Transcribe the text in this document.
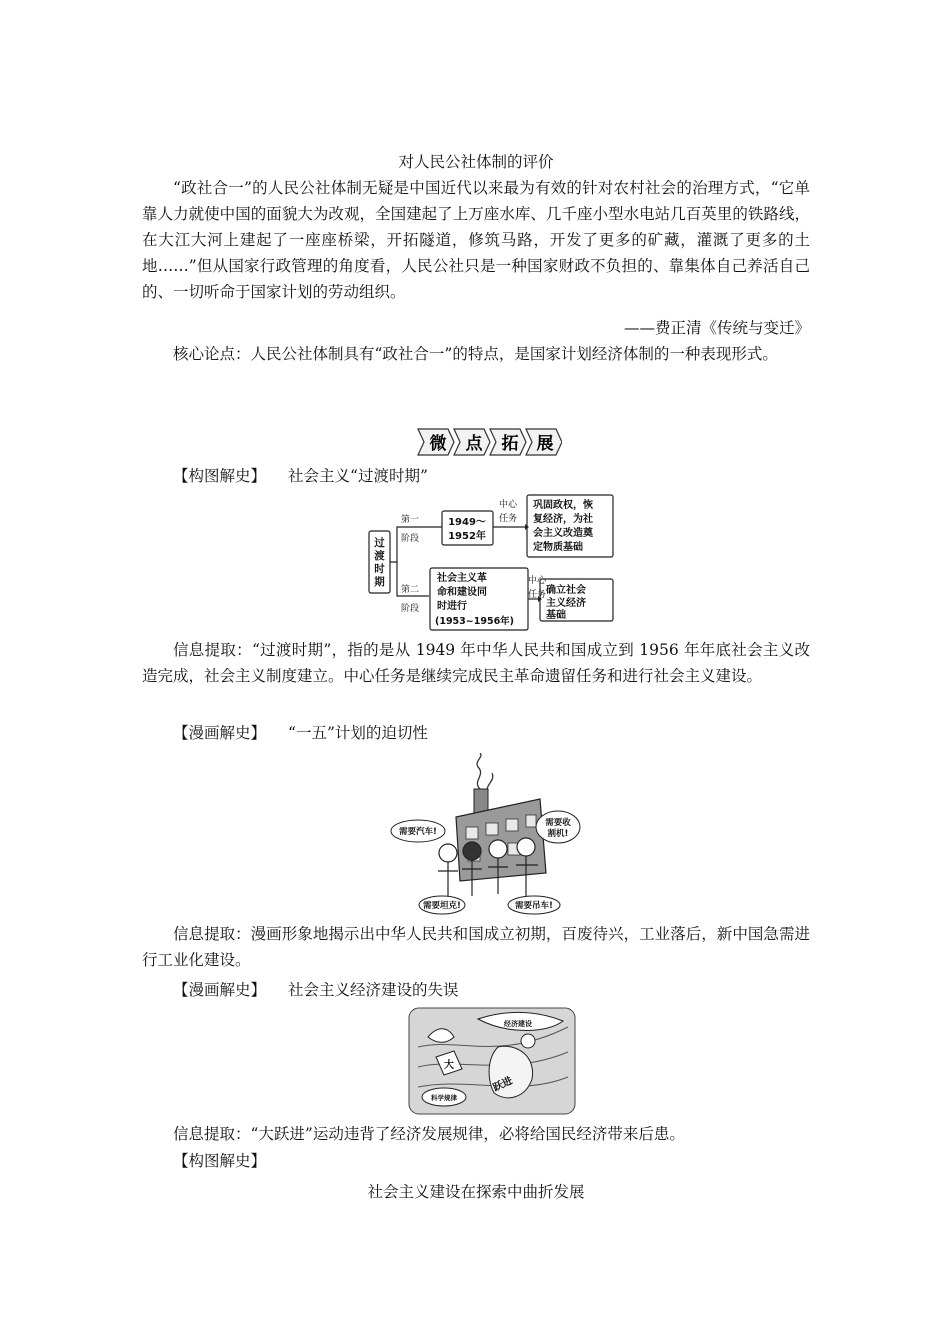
对人民公社体制的评价
“政社合一”的人民公社体制无疑是中国近代以来最为有效的针对农村社会的治理方式，“它单靠人力就使中国的面貌大为改观，全国建起了上万座水库、几千座小型水电站几百英里的铁路线，在大江大河上建起了一座座桥梁，开拓隧道，修筑马路，开发了更多的矿藏，灌溉了更多的土地……”但从国家行政管理的角度看，人民公社只是一种国家财政不负担的、靠集体自己养活自己的、一切听命于国家计划的劳动组织。
——费正清《传统与变迁》
核心论点：人民公社体制具有“政社合一”的特点，是国家计划经济体制的一种表现形式。
微 点 拓 展
【构图解史】 社会主义“过渡时期”
过
渡
时
期
第一
阶段
第二
阶段
中心
任务
中心
任务
1949～
1952年
巩固政权，恢
复经济，为社
会主义改造奠
定物质基础
社会主义革
命和建设同
时进行
(1953~1956年)
确立社会
主义经济
基础
信息提取：“过渡时期”，指的是从 1949 年中华人民共和国成立到 1956 年年底社会主义改造完成，社会主义制度建立。中心任务是继续完成民主革命遗留任务和进行社会主义建设。
【漫画解史】 “一五”计划的迫切性
需要汽车!
需要收
割机!
需要坦克!	需要吊车!
信息提取：漫画形象地揭示出中华人民共和国成立初期，百废待兴，工业落后，新中国急需进行工业化建设。
【漫画解史】 社会主义经济建设的失误
经济建设
大
跃进
科学规律
信息提取：“大跃进”运动违背了经济发展规律，必将给国民经济带来后患。
【构图解史】
社会主义建设在探索中曲折发展
